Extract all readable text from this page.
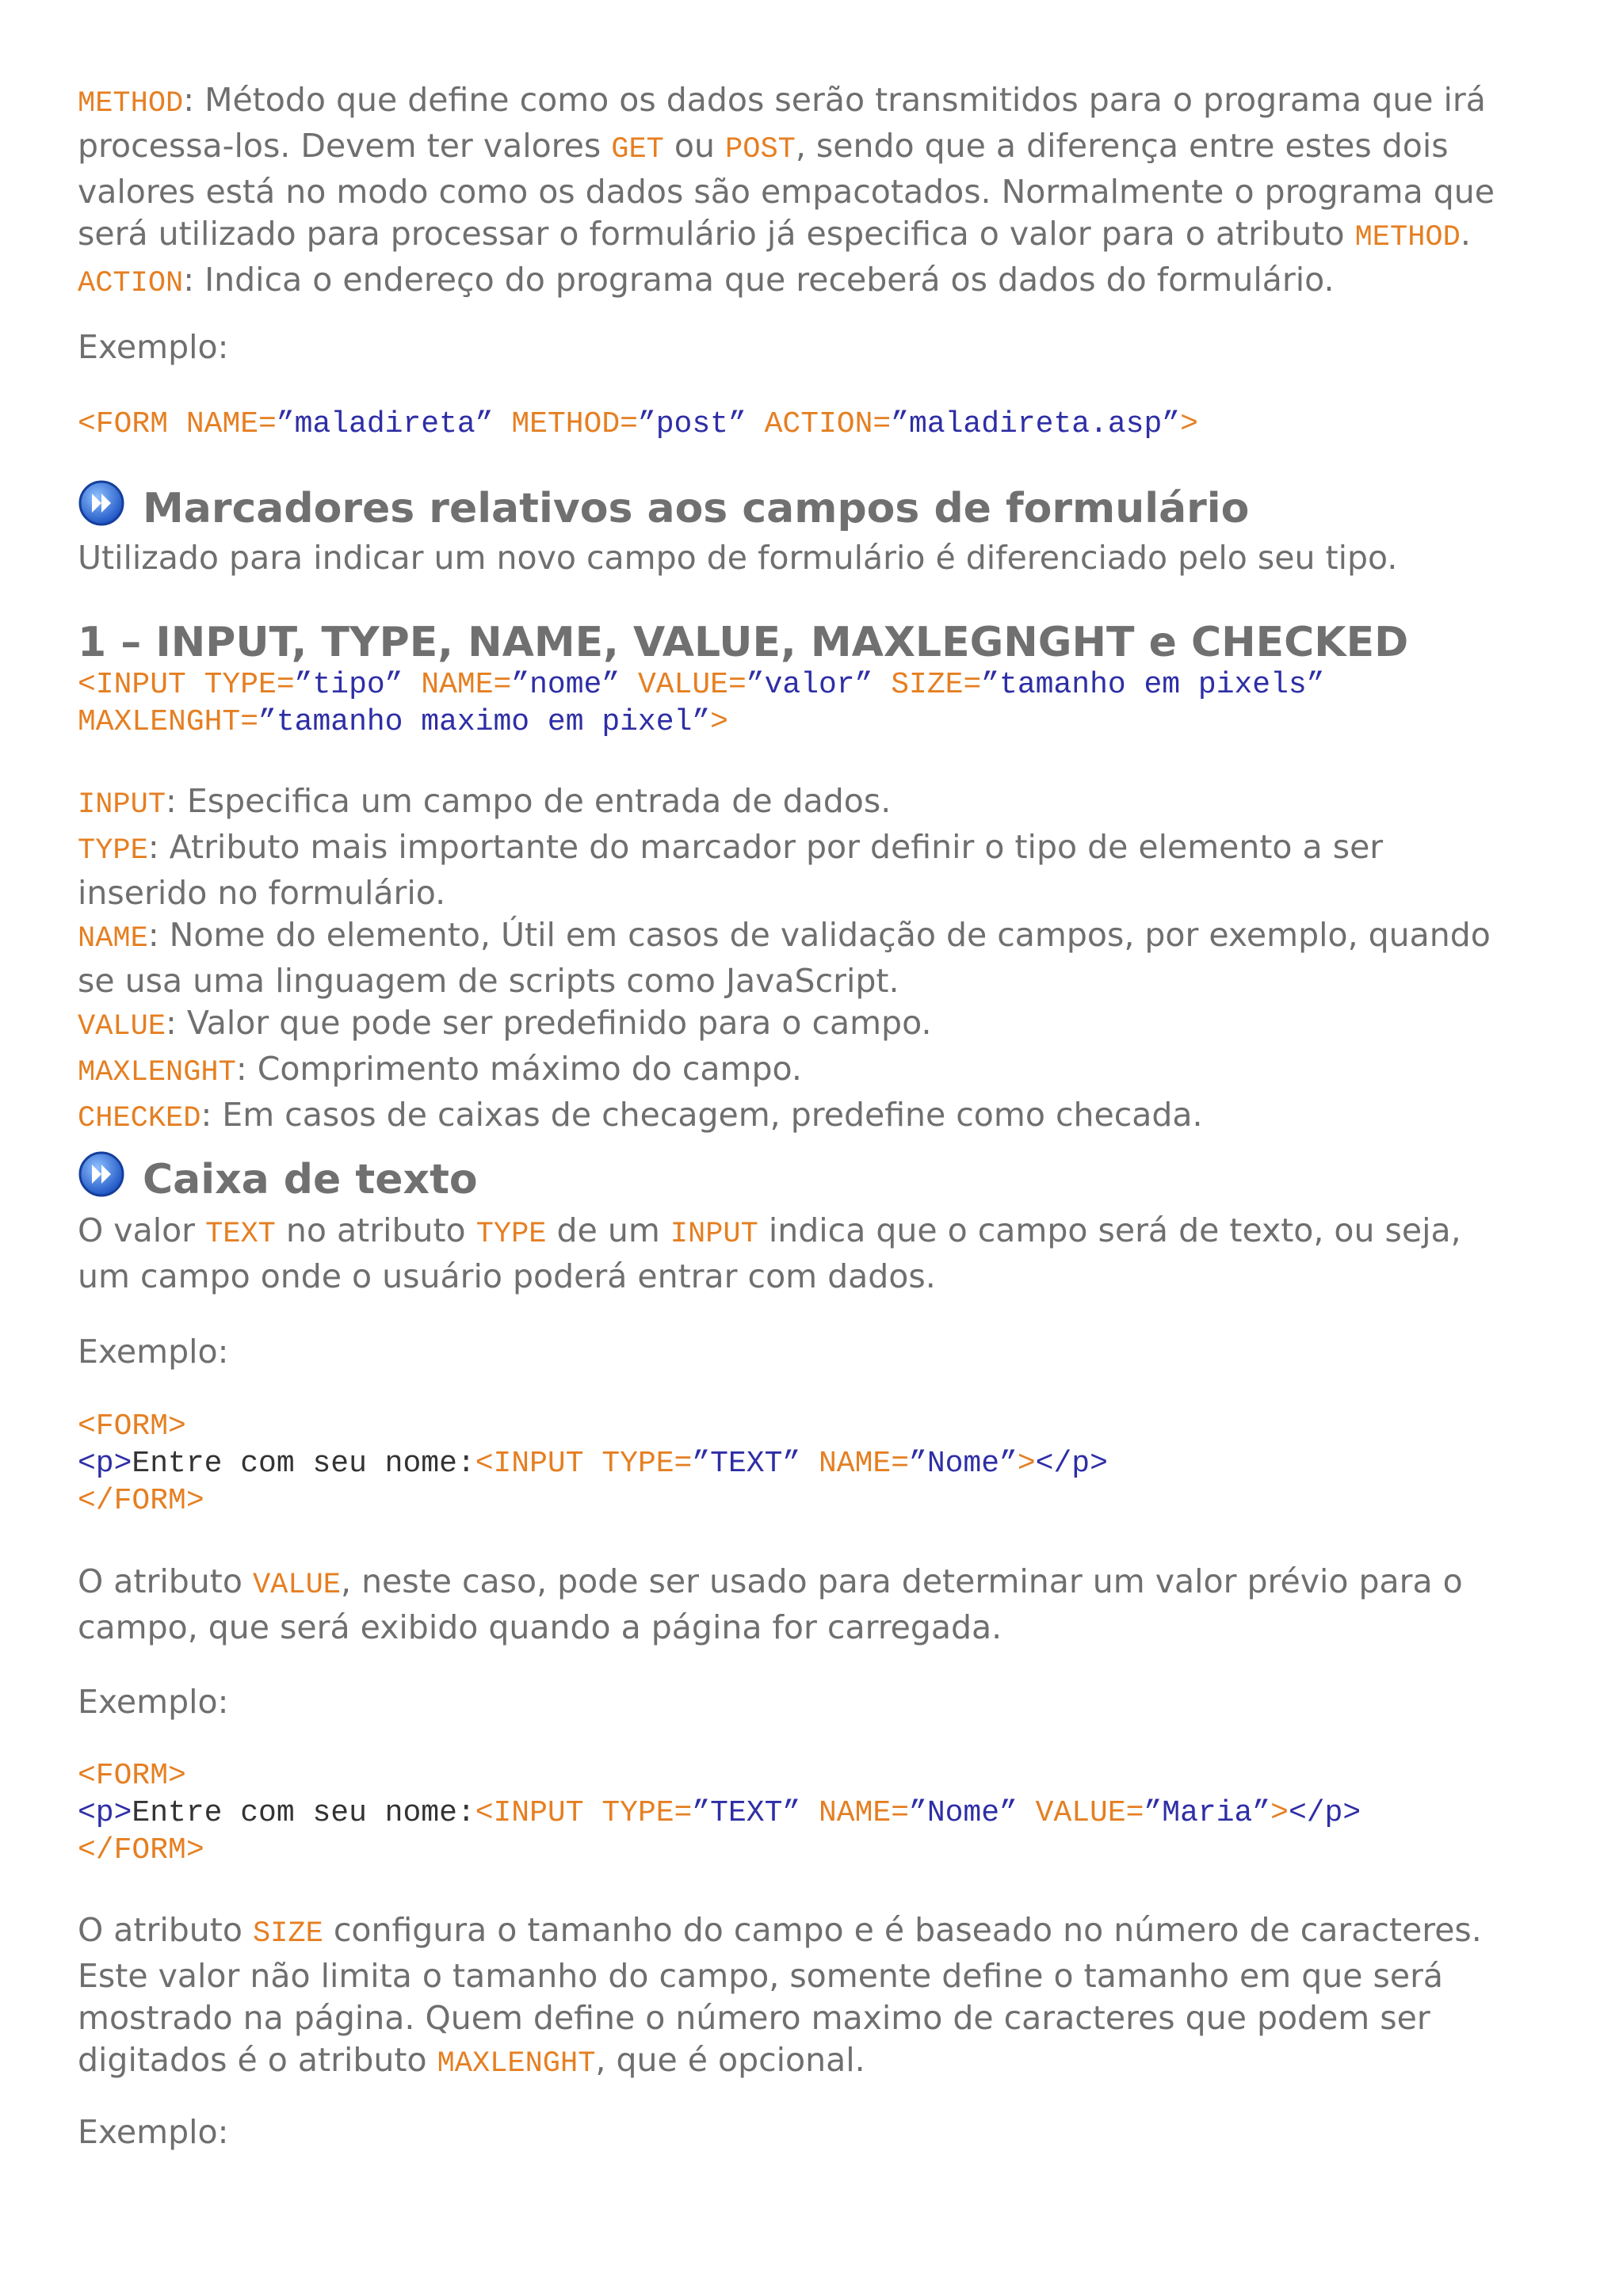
METHOD: Método que define como os dados serão transmitidos para o programa que irá
processa-los. Devem ter valores GET ou POST, sendo que a diferença entre estes dois
valores está no modo como os dados são empacotados. Normalmente o programa que
será utilizado para processar o formulário já especifica o valor para o atributo METHOD.
ACTION: Indica o endereço do programa que receberá os dados do formulário.
Exemplo:
<FORM NAME=”maladireta” METHOD=”post” ACTION=”maladireta.asp”>
Marcadores relativos aos campos de formulário
Utilizado para indicar um novo campo de formulário é diferenciado pelo seu tipo.
1 – INPUT, TYPE, NAME, VALUE, MAXLEGNGHT e CHECKED
<INPUT TYPE=”tipo” NAME=”nome” VALUE=”valor” SIZE=”tamanho em pixels”
MAXLENGHT=”tamanho maximo em pixel”>
INPUT: Especifica um campo de entrada de dados.
TYPE: Atributo mais importante do marcador por definir o tipo de elemento a ser
inserido no formulário.
NAME: Nome do elemento, Útil em casos de validação de campos, por exemplo, quando
se usa uma linguagem de scripts como JavaScript.
VALUE: Valor que pode ser predefinido para o campo.
MAXLENGHT: Comprimento máximo do campo.
CHECKED: Em casos de caixas de checagem, predefine como checada.
Caixa de texto
O valor TEXT no atributo TYPE de um INPUT indica que o campo será de texto, ou seja,
um campo onde o usuário poderá entrar com dados.
Exemplo:
<FORM>
<p>Entre com seu nome:<INPUT TYPE=”TEXT” NAME=”Nome”></p>
</FORM>
O atributo VALUE, neste caso, pode ser usado para determinar um valor prévio para o
campo, que será exibido quando a página for carregada.
Exemplo:
<FORM>
<p>Entre com seu nome:<INPUT TYPE=”TEXT” NAME=”Nome” VALUE=”Maria”></p>
</FORM>
O atributo SIZE configura o tamanho do campo e é baseado no número de caracteres.
Este valor não limita o tamanho do campo, somente define o tamanho em que será
mostrado na página. Quem define o número maximo de caracteres que podem ser
digitados é o atributo MAXLENGHT, que é opcional.
Exemplo:
